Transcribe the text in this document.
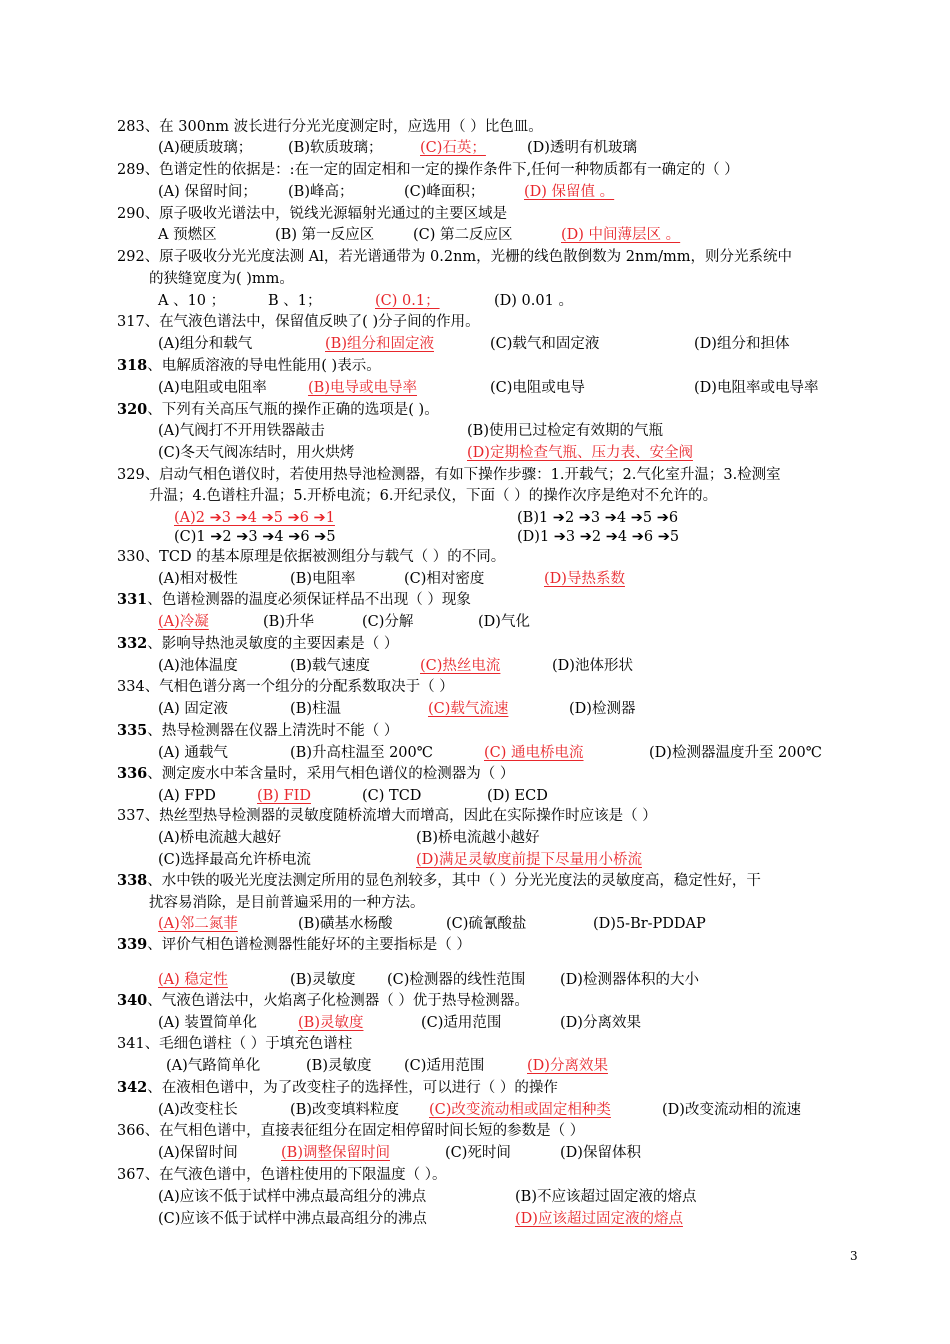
283、在 300nm 波长进行分光光度测定时，应选用（ ）比色皿。
(A)硬质玻璃； (B)软质玻璃；	(C)石英；	(D)透明有机玻璃
289、色谱定性的依据是：:在一定的固定相和一定的操作条件下,任何一种物质都有一确定的（ ）
(A) 保留时间； (B)峰高；	(C)峰面积；	(D) 保留值 。
290、原子吸收光谱法中，锐线光源辐射光通过的主要区域是
A 预燃区	(B) 第一反应区	(C) 第二反应区	(D) 中间薄层区 。
292、原子吸收分光光度法测 Al，若光谱通带为 0.2nm，光栅的线色散倒数为 2nm/mm，则分光系统中
的狭缝宽度为( )mm。
A 、10 ；	B 、1；	(C) 0.1；	(D) 0.01 。
317、在气液色谱法中，保留值反映了( )分子间的作用。
(A)组分和载气	(B)组分和固定液	(C)载气和固定液	(D)组分和担体
318、电解质溶液的导电性能用( )表示。
(A)电阻或电阻率	(B)电导或电导率	(C)电阻或电导	(D)电阻率或电导率
320、下列有关高压气瓶的操作正确的选项是( )。
(A)气阀打不开用铁器敲击	(B)使用已过检定有效期的气瓶
(C)冬天气阀冻结时，用火烘烤	(D)定期检查气瓶、压力表、安全阀
329、启动气相色谱仪时，若使用热导池检测器，有如下操作步骤：1.开载气；2.气化室升温；3.检测室
升温；4.色谱柱升温；5.开桥电流；6.开纪录仪，下面（ ）的操作次序是绝对不允许的。
(A)2 ➔3 ➔4 ➔5 ➔6 ➔1	(B)1 ➔2 ➔3 ➔4 ➔5 ➔6
(C)1 ➔2 ➔3 ➔4 ➔6 ➔5	(D)1 ➔3 ➔2 ➔4 ➔6 ➔5
330、TCD 的基本原理是依据被测组分与载气（ ）的不同。
(A)相对极性	(B)电阻率	(C)相对密度	(D)导热系数
331、色谱检测器的温度必须保证样品不出现（ ）现象
(A)冷凝	(B)升华	(C)分解	(D)气化
332、影响导热池灵敏度的主要因素是（ ）
(A)池体温度	(B)载气速度	(C)热丝电流	(D)池体形状
334、气相色谱分离一个组分的分配系数取决于（ ）
(A) 固定液	(B)柱温	(C)载气流速	(D)检测器
335、热导检测器在仪器上清洗时不能（ ）
(A) 通载气	(B)升高柱温至 200℃	(C) 通电桥电流	(D)检测器温度升至 200℃
336、测定废水中苯含量时，采用气相色谱仪的检测器为（ ）
(A) FPD	(B) FID	(C) TCD	(D) ECD
337、热丝型热导检测器的灵敏度随桥流增大而增高，因此在实际操作时应该是（ ）
(A)桥电流越大越好	(B)桥电流越小越好
(C)选择最高允许桥电流	(D)满足灵敏度前提下尽量用小桥流
338、水中铁的吸光光度法测定所用的显色剂较多，其中（ ）分光光度法的灵敏度高，稳定性好，干
扰容易消除，是目前普遍采用的一种方法。
(A)邻二氮菲	(B)磺基水杨酸	(C)硫氰酸盐	(D)5-Br-PDDAP
339、评价气相色谱检测器性能好坏的主要指标是（ ）
(A) 稳定性	(B)灵敏度 (C)检测器的线性范围 (D)检测器体积的大小
340、气液色谱法中，火焰离子化检测器（ ）优于热导检测器。
(A) 装置简单化	(B)灵敏度	(C)适用范围	(D)分离效果
341、毛细色谱柱（ ）于填充色谱柱
(A)气路简单化	(B)灵敏度 (C)适用范围	(D)分离效果
342、在液相色谱中，为了改变柱子的选择性，可以进行（ ）的操作
(A)改变柱长	(B)改变填料粒度 (C)改变流动相或固定相种类	(D)改变流动相的流速
366、在气相色谱中，直接表征组分在固定相停留时间长短的参数是（ ）
(A)保留时间	(B)调整保留时间	(C)死时间	(D)保留体积
367、在气液色谱中，色谱柱使用的下限温度（ ）。
(A)应该不低于试样中沸点最高组分的沸点	(B)不应该超过固定液的熔点
(C)应该不低于试样中沸点最高组分的沸点	(D)应该超过固定液的熔点
3
